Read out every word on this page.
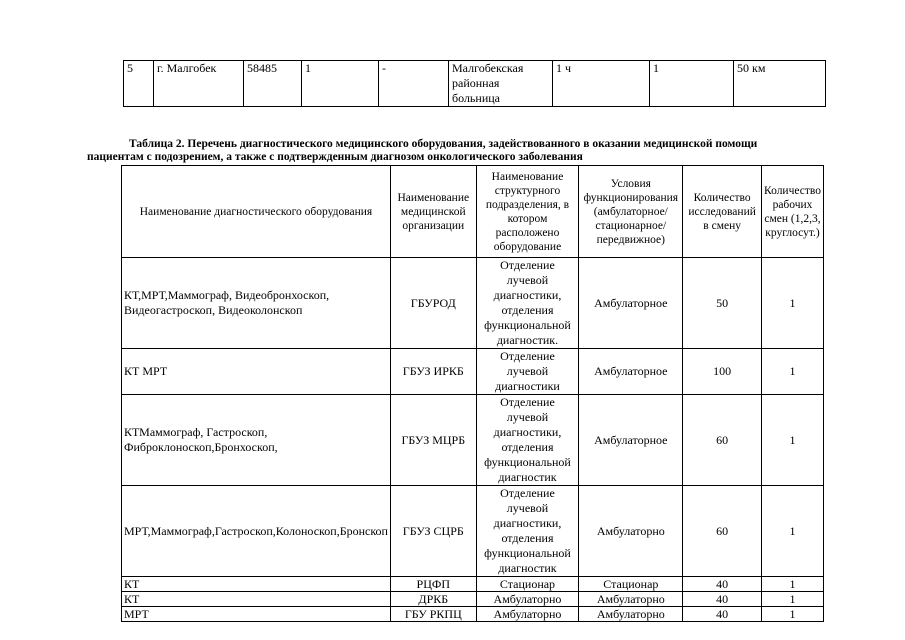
5	г. Малгобек	58485	1	-	Малгобекская районная больница	1 ч	1	50 км
Таблица 2. Перечень диагностического медицинского оборудования, задействованного в оказании медицинской помощи
пациентам с подозрением, а также с подтвержденным диагнозом онкологического заболевания
Наименование диагностического оборудования	Наименование медицинской организации	Наименование структурного подразделения, в котором расположено оборудование	Условия функционирования (амбулаторное/ стационарное/ передвижное)	Количество исследований в смену	Количество рабочих смен (1,2,3, круглосут.)
КТ,МРТ,Маммограф, Видеобронхоскоп, Видеогастроскоп, Видеоколонскоп	ГБУРОД	Отделение лучевой диагностики, отделения функциональной диагностик.	Амбулаторное	50	1
КТ МРТ	ГБУЗ ИРКБ	Отделение лучевой диагностики	Амбулаторное	100	1
КТМаммограф, Гастроскоп, Фиброклоноскоп,Бронхоскоп,	ГБУЗ МЦРБ	Отделение лучевой диагностики, отделения функциональной диагностик	Амбулаторное	60	1
МРТ,Маммограф,Гастроскоп,Колоноскоп,Бронскоп	ГБУЗ СЦРБ	Отделение лучевой диагностики, отделения функциональной диагностик	Амбулаторно	60	1
КТ	РЦФП	Стационар	Стационар	40	1
КТ	ДРКБ	Амбулаторно	Амбулаторно	40	1
МРТ	ГБУ РКПЦ	Амбулаторно	Амбулаторно	40	1
